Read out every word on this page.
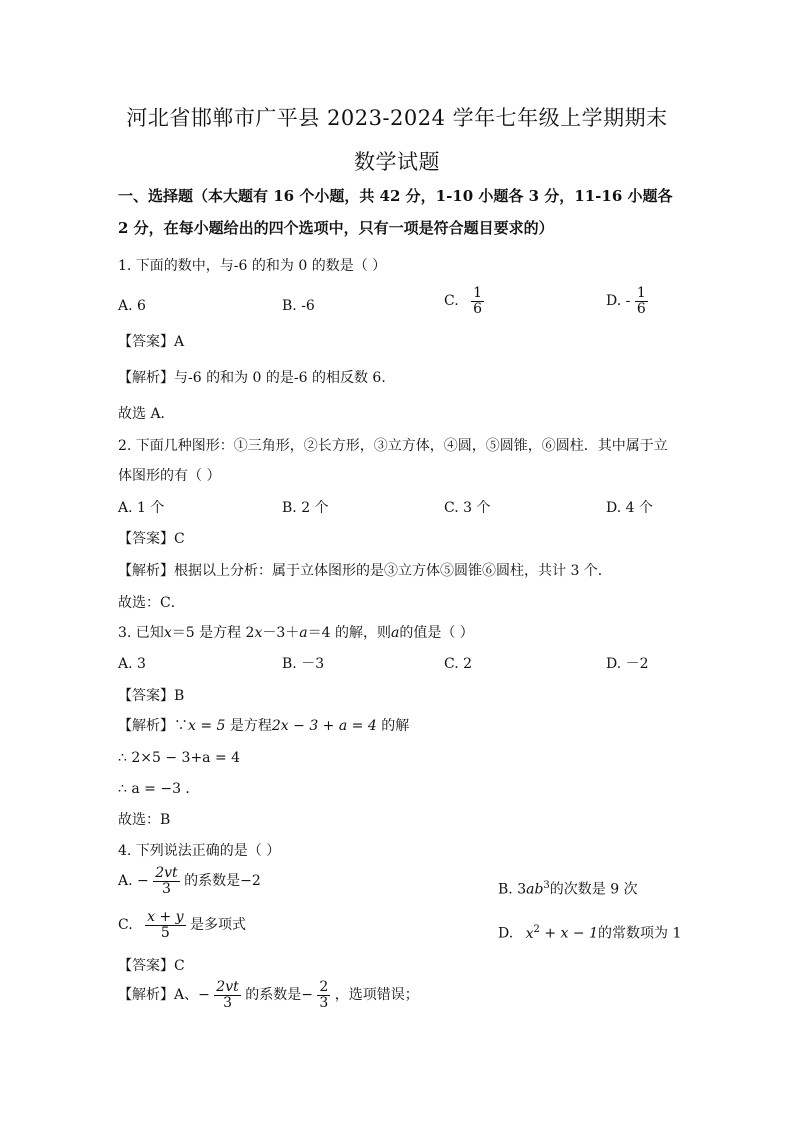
河北省邯郸市广平县 2023-2024 学年七年级上学期期末
数学试题
一、选择题（本大题有 16 个小题，共 42 分，1-10 小题各 3 分，11-16 小题各
2 分，在每小题给出的四个选项中，只有一项是符合题目要求的）
1. 下面的数中，与-6 的和为 0 的数是（ ）
A. 6	B. -6	C. $\frac{1}{6}$	D. - $\frac{1}{6}$
【答案】A
【解析】与-6 的和为 0 的是-6 的相反数 6．
故选 A．
2. 下面几种图形：①三角形，②长方形，③立方体，④圆，⑤圆锥，⑥圆柱．其中属于立
体图形的有（ ）
A. 1 个	B. 2 个	C. 3 个	D. 4 个
【答案】C
【解析】根据以上分析：属于立体图形的是③立方体⑤圆锥⑥圆柱，共计 3 个．
故选：C．
3. 已知x＝5 是方程 2x－3＋a＝4 的解，则a的值是（ ）
A. 3	B. －3	C. 2	D. －2
【答案】B
【解析】∵x = 5 是方程2x − 3 + a = 4 的解
∴ 2×5 − 3+a = 4
∴ a = −3 ．
故选：B
4. 下列说法正确的是（ ）
A. − $\frac{2vt}{3}$ 的系数是−2
B. $3ab^3$的次数是 9 次
C. $\frac{x + y}{5}$ 是多项式
D. $x^2 + x - 1$的常数项为 1
【答案】C
【解析】A、− $\frac{2vt}{3}$ 的系数是− $\frac{2}{3}$ ，选项错误；
